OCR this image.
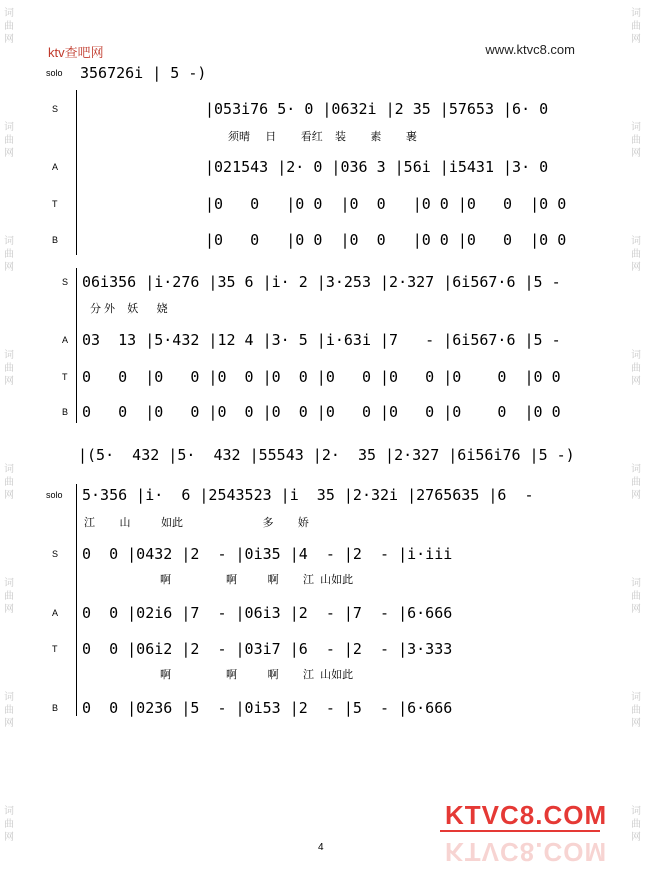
词
曲
网
词
曲
网
词
曲
网
词
曲
网
词
曲
网
词
曲
网
词
曲
网
词
曲
网
词
曲
网
词
曲
网
词
曲
网
词
曲
网
词
曲
网
词
曲
网
词
曲
网
词
曲
网
ktv查吧网	www.ktvc8.com
solo 356726i | 5 -)
S	|053i76 5· 0 |0632i |2 35 |57653 |6· 0
须晴     日        看红    装        素        裹
A	|021543 |2· 0 |036 3 |56i |i5431 |3· 0
T	|0   0   |0 0  |0  0   |0 0 |0   0  |0 0
B	|0   0   |0 0  |0  0   |0 0 |0   0  |0 0
S 06i356 |i·276 |35 6 |i· 2 |3·253 |2·327 |6i567·6 |5 -
分 外    妖      娆
A 03  13 |5·432 |12 4 |3· 5 |i·63i |7   - |6i567·6 |5 -
T 0   0  |0   0 |0  0 |0  0 |0   0 |0   0 |0    0  |0 0
B 0   0  |0   0 |0  0 |0  0 |0   0 |0   0 |0    0  |0 0
|(5·  432 |5·  432 |55543 |2·  35 |2·327 |6i56i76 |5 -)
solo 5·356 |i·  6 |2543523 |i  35 |2·32i |2765635 |6  -
江        山          如此                          多        娇
S 0  0 |0432 |2  - |0i35 |4  - |2  - |i·iii
啊                  啊          啊        江  山如此
A 0  0 |02i6 |7  - |06i3 |2  - |7  - |6·666
T 0  0 |06i2 |2  - |03i7 |6  - |2  - |3·333
啊                  啊          啊        江  山如此
B 0  0 |0236 |5  - |0i53 |2  - |5  - |6·666
KTVC8.COM
KTVC8.COM
4
